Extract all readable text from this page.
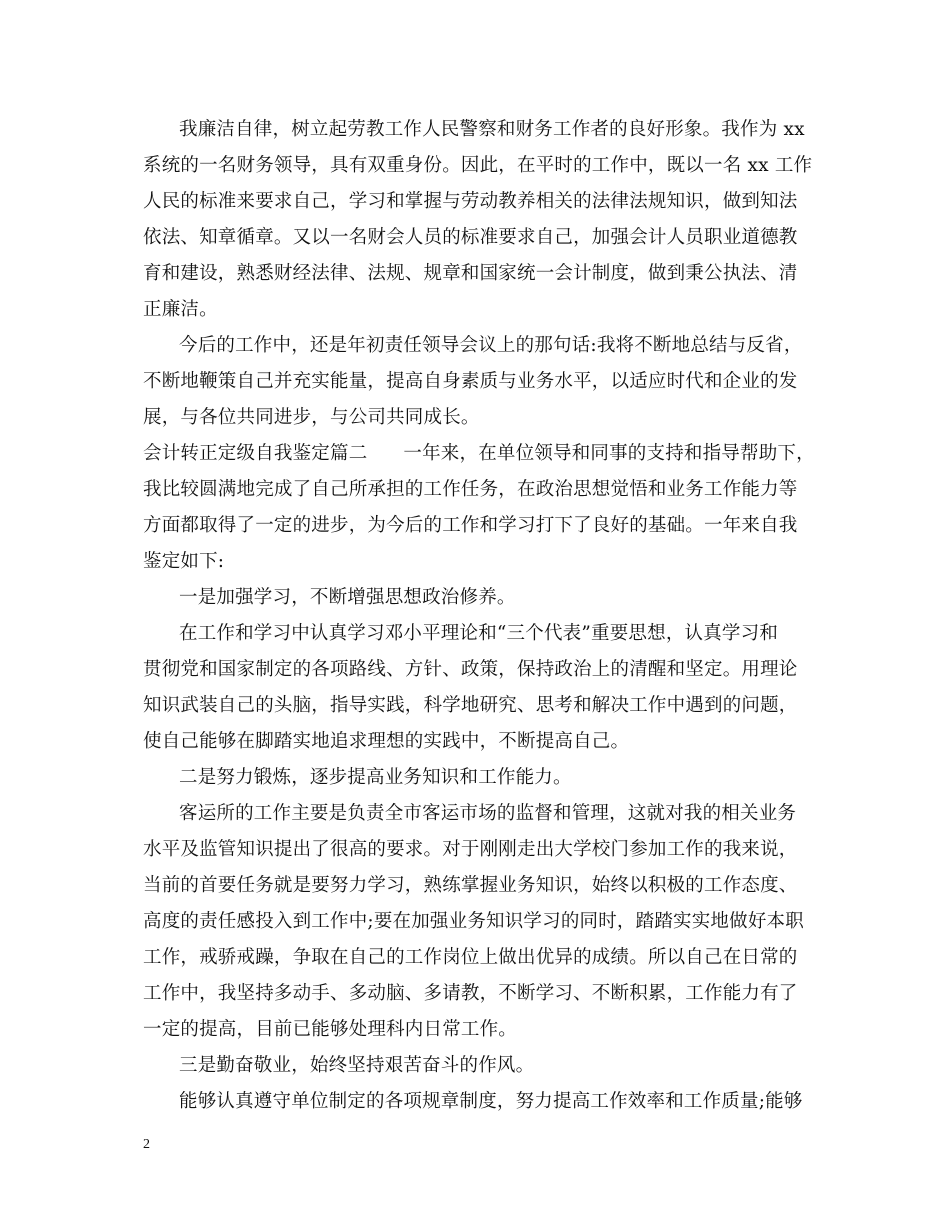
我廉洁自律，树立起劳教工作人民警察和财务工作者的良好形象。我作为 xx
系统的一名财务领导，具有双重身份。因此，在平时的工作中，既以一名 xx 工作
人民的标准来要求自己，学习和掌握与劳动教养相关的法律法规知识，做到知法
依法、知章循章。又以一名财会人员的标准要求自己，加强会计人员职业道德教
育和建设，熟悉财经法律、法规、规章和国家统一会计制度，做到秉公执法、清
正廉洁。
今后的工作中，还是年初责任领导会议上的那句话:我将不断地总结与反省，
不断地鞭策自己并充实能量，提高自身素质与业务水平，以适应时代和企业的发
展，与各位共同进步，与公司共同成长。
会计转正定级自我鉴定篇二 一年来，在单位领导和同事的支持和指导帮助下，
我比较圆满地完成了自己所承担的工作任务，在政治思想觉悟和业务工作能力等
方面都取得了一定的进步，为今后的工作和学习打下了良好的基础。一年来自我
鉴定如下:
一是加强学习，不断增强思想政治修养。
在工作和学习中认真学习邓小平理论和“三个代表”重要思想，认真学习和
贯彻党和国家制定的各项路线、方针、政策，保持政治上的清醒和坚定。用理论
知识武装自己的头脑，指导实践，科学地研究、思考和解决工作中遇到的问题，
使自己能够在脚踏实地追求理想的实践中，不断提高自己。
二是努力锻炼，逐步提高业务知识和工作能力。
客运所的工作主要是负责全市客运市场的监督和管理，这就对我的相关业务
水平及监管知识提出了很高的要求。对于刚刚走出大学校门参加工作的我来说，
当前的首要任务就是要努力学习，熟练掌握业务知识，始终以积极的工作态度、
高度的责任感投入到工作中;要在加强业务知识学习的同时，踏踏实实地做好本职
工作，戒骄戒躁，争取在自己的工作岗位上做出优异的成绩。所以自己在日常的
工作中，我坚持多动手、多动脑、多请教，不断学习、不断积累，工作能力有了
一定的提高，目前已能够处理科内日常工作。
三是勤奋敬业，始终坚持艰苦奋斗的作风。
能够认真遵守单位制定的各项规章制度，努力提高工作效率和工作质量;能够
2
